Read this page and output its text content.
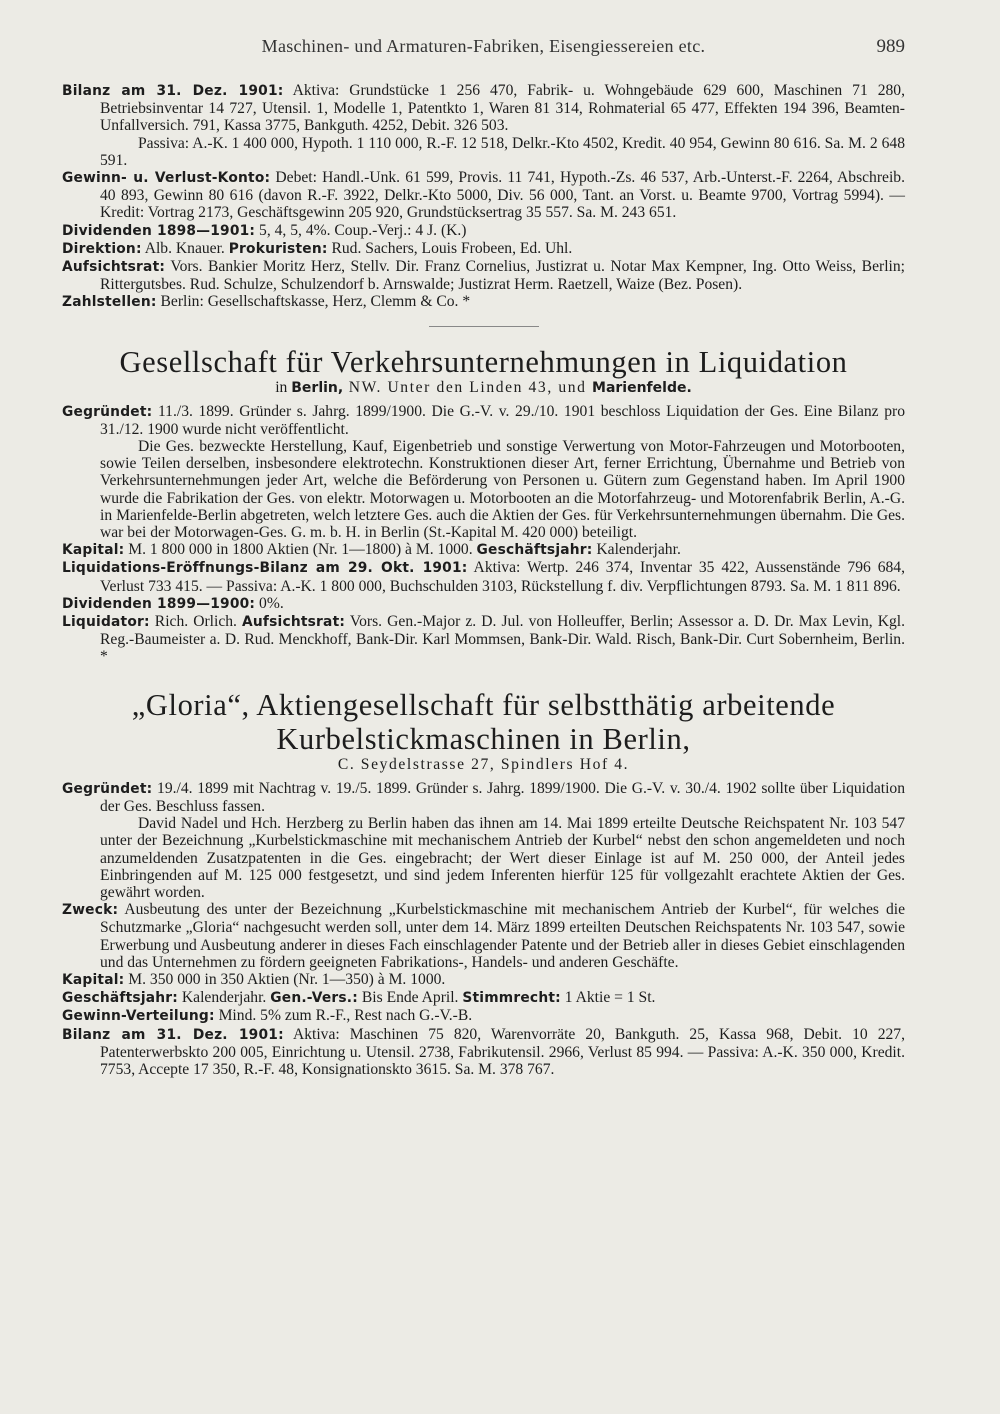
Maschinen- und Armaturen-Fabriken, Eisengiessereien etc.	989

Bilanz am 31. Dez. 1901: Aktiva: Grundstücke 1 256 470, Fabrik- u. Wohngebäude 629 600, Maschinen 71 280, Betriebsinventar 14 727, Utensil. 1, Modelle 1, Patentkto 1, Waren 81 314, Rohmaterial 65 477, Effekten 194 396, Beamten-Unfallversich. 791, Kassa 3775, Bankguth. 4252, Debit. 326 503.

Passiva: A.-K. 1 400 000, Hypoth. 1 110 000, R.-F. 12 518, Delkr.-Kto 4502, Kredit. 40 954, Gewinn 80 616. Sa. M. 2 648 591.

Gewinn- u. Verlust-Konto: Debet: Handl.-Unk. 61 599, Provis. 11 741, Hypoth.-Zs. 46 537, Arb.-Unterst.-F. 2264, Abschreib. 40 893, Gewinn 80 616 (davon R.-F. 3922, Delkr.-Kto 5000, Div. 56 000, Tant. an Vorst. u. Beamte 9700, Vortrag 5994). — Kredit: Vortrag 2173, Geschäftsgewinn 205 920, Grundstücksertrag 35 557. Sa. M. 243 651.

Dividenden 1898—1901: 5, 4, 5, 4%. Coup.-Verj.: 4 J. (K.)

Direktion: Alb. Knauer. Prokuristen: Rud. Sachers, Louis Frobeen, Ed. Uhl.

Aufsichtsrat: Vors. Bankier Moritz Herz, Stellv. Dir. Franz Cornelius, Justizrat u. Notar Max Kempner, Ing. Otto Weiss, Berlin; Rittergutsbes. Rud. Schulze, Schulzendorf b. Arnswalde; Justizrat Herm. Raetzell, Waize (Bez. Posen).

Zahlstellen: Berlin: Gesellschaftskasse, Herz, Clemm & Co. *

Gesellschaft für Verkehrsunternehmungen in Liquidation

in Berlin, NW. Unter den Linden 43, und Marienfelde.

Gegründet: 11./3. 1899. Gründer s. Jahrg. 1899/1900. Die G.-V. v. 29./10. 1901 beschloss Liquidation der Ges. Eine Bilanz pro 31./12. 1900 wurde nicht veröffentlicht.

Die Ges. bezweckte Herstellung, Kauf, Eigenbetrieb und sonstige Verwertung von Motor-Fahrzeugen und Motorbooten, sowie Teilen derselben, insbesondere elektrotechn. Konstruktionen dieser Art, ferner Errichtung, Übernahme und Betrieb von Verkehrsunternehmungen jeder Art, welche die Beförderung von Personen u. Gütern zum Gegenstand haben. Im April 1900 wurde die Fabrikation der Ges. von elektr. Motorwagen u. Motorbooten an die Motorfahrzeug- und Motorenfabrik Berlin, A.-G. in Marienfelde-Berlin abgetreten, welch letztere Ges. auch die Aktien der Ges. für Verkehrsunternehmungen übernahm. Die Ges. war bei der Motorwagen-Ges. G. m. b. H. in Berlin (St.-Kapital M. 420 000) beteiligt.

Kapital: M. 1 800 000 in 1800 Aktien (Nr. 1—1800) à M. 1000. Geschäftsjahr: Kalenderjahr.

Liquidations-Eröffnungs-Bilanz am 29. Okt. 1901: Aktiva: Wertp. 246 374, Inventar 35 422, Aussenstände 796 684, Verlust 733 415. — Passiva: A.-K. 1 800 000, Buchschulden 3103, Rückstellung f. div. Verpflichtungen 8793. Sa. M. 1 811 896.

Dividenden 1899—1900: 0%.

Liquidator: Rich. Orlich. Aufsichtsrat: Vors. Gen.-Major z. D. Jul. von Holleuffer, Berlin; Assessor a. D. Dr. Max Levin, Kgl. Reg.-Baumeister a. D. Rud. Menckhoff, Bank-Dir. Karl Mommsen, Bank-Dir. Wald. Risch, Bank-Dir. Curt Sobernheim, Berlin. *

„Gloria“, Aktiengesellschaft für selbstthätig arbeitende Kurbelstickmaschinen in Berlin,

C. Seydelstrasse 27, Spindlers Hof 4.

Gegründet: 19./4. 1899 mit Nachtrag v. 19./5. 1899. Gründer s. Jahrg. 1899/1900. Die G.-V. v. 30./4. 1902 sollte über Liquidation der Ges. Beschluss fassen.

David Nadel und Hch. Herzberg zu Berlin haben das ihnen am 14. Mai 1899 erteilte Deutsche Reichspatent Nr. 103 547 unter der Bezeichnung „Kurbelstickmaschine mit mechanischem Antrieb der Kurbel“ nebst den schon angemeldeten und noch anzumeldenden Zusatzpatenten in die Ges. eingebracht; der Wert dieser Einlage ist auf M. 250 000, der Anteil jedes Einbringenden auf M. 125 000 festgesetzt, und sind jedem Inferenten hierfür 125 für vollgezahlt erachtete Aktien der Ges. gewährt worden.

Zweck: Ausbeutung des unter der Bezeichnung „Kurbelstickmaschine mit mechanischem Antrieb der Kurbel“, für welches die Schutzmarke „Gloria“ nachgesucht werden soll, unter dem 14. März 1899 erteilten Deutschen Reichspatents Nr. 103 547, sowie Erwerbung und Ausbeutung anderer in dieses Fach einschlagender Patente und der Betrieb aller in dieses Gebiet einschlagenden und das Unternehmen zu fördern geeigneten Fabrikations-, Handels- und anderen Geschäfte.

Kapital: M. 350 000 in 350 Aktien (Nr. 1—350) à M. 1000.

Geschäftsjahr: Kalenderjahr. Gen.-Vers.: Bis Ende April. Stimmrecht: 1 Aktie = 1 St.

Gewinn-Verteilung: Mind. 5% zum R.-F., Rest nach G.-V.-B.

Bilanz am 31. Dez. 1901: Aktiva: Maschinen 75 820, Warenvorräte 20, Bankguth. 25, Kassa 968, Debit. 10 227, Patenterwerbskto 200 005, Einrichtung u. Utensil. 2738, Fabrikutensil. 2966, Verlust 85 994. — Passiva: A.-K. 350 000, Kredit. 7753, Accepte 17 350, R.-F. 48, Konsignationskto 3615. Sa. M. 378 767.
